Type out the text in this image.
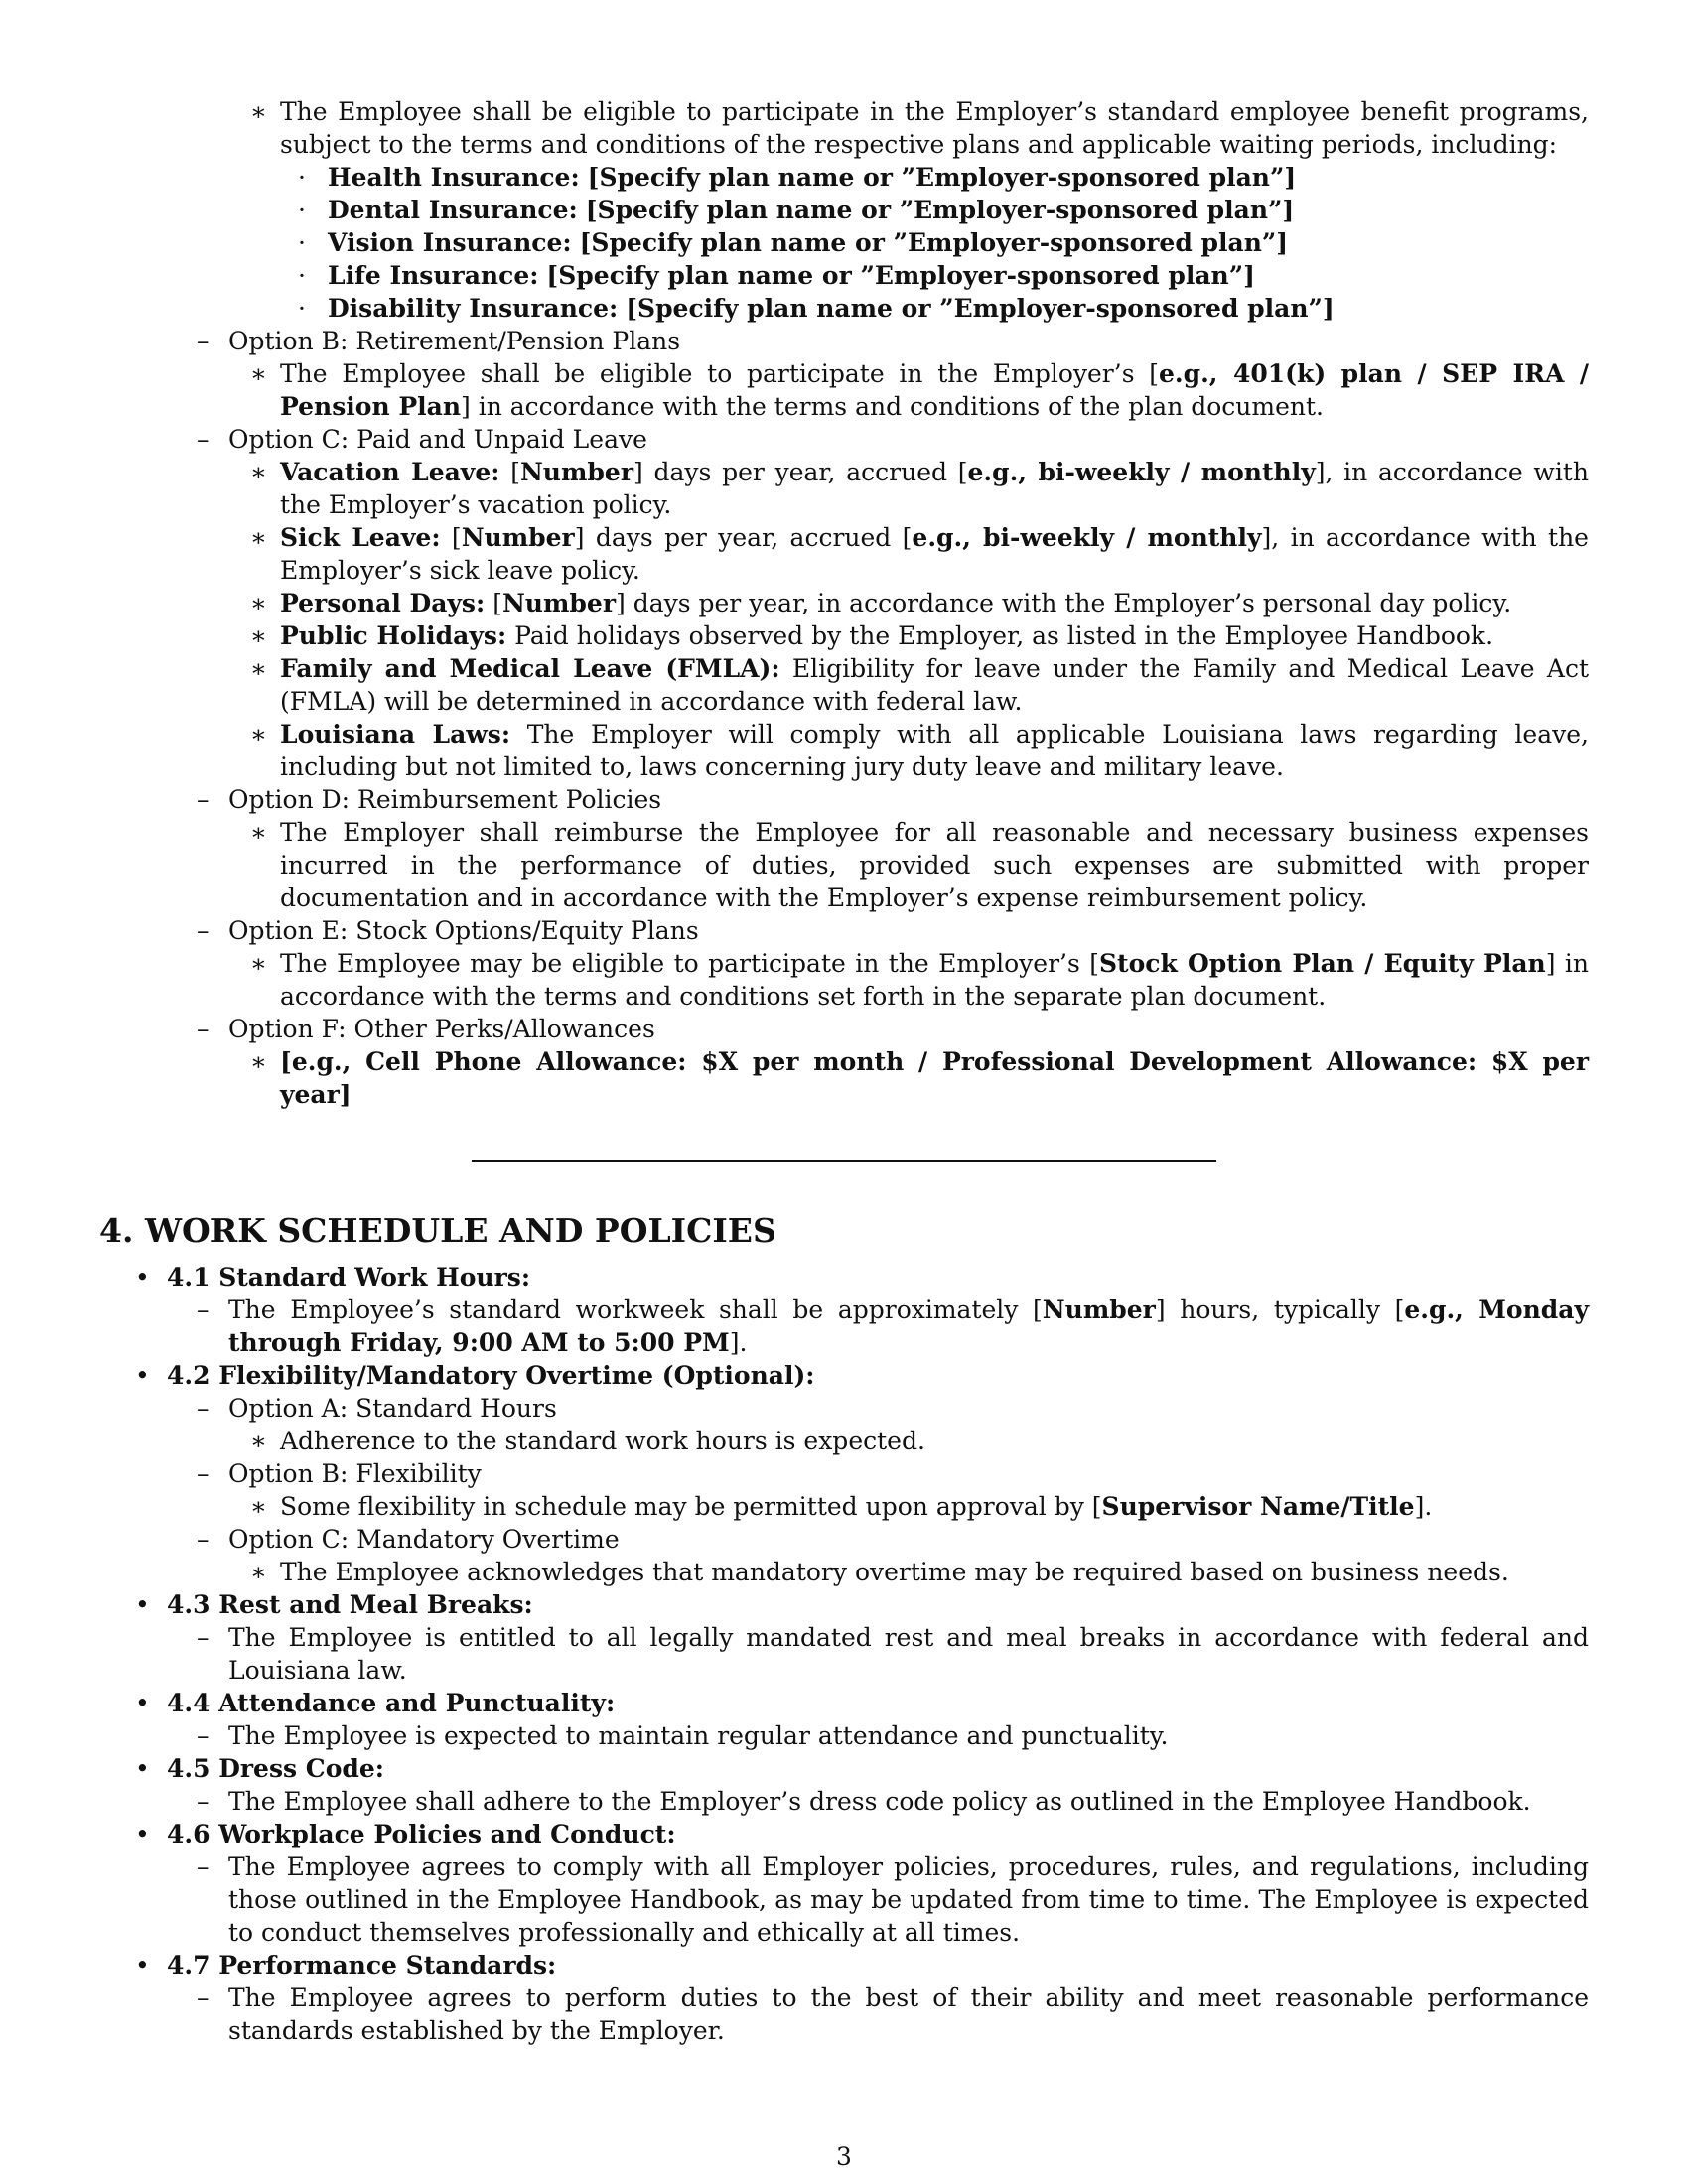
∗ The Employee shall be eligible to participate in the Employer’s standard employee benefit programs, subject to the terms and conditions of the respective plans and applicable waiting periods, including:
· Health Insurance: [Specify plan name or ”Employer-sponsored plan”]
· Dental Insurance: [Specify plan name or ”Employer-sponsored plan”]
· Vision Insurance: [Specify plan name or ”Employer-sponsored plan”]
· Life Insurance: [Specify plan name or ”Employer-sponsored plan”]
· Disability Insurance: [Specify plan name or ”Employer-sponsored plan”]
– Option B: Retirement/Pension Plans
∗ The Employee shall be eligible to participate in the Employer’s [e.g., 401(k) plan / SEP IRA / Pension Plan] in accordance with the terms and conditions of the plan document.
– Option C: Paid and Unpaid Leave
∗ Vacation Leave: [Number] days per year, accrued [e.g., bi-weekly / monthly], in accordance with the Employer’s vacation policy.
∗ Sick Leave: [Number] days per year, accrued [e.g., bi-weekly / monthly], in accordance with the Employer’s sick leave policy.
∗ Personal Days: [Number] days per year, in accordance with the Employer’s personal day policy.
∗ Public Holidays: Paid holidays observed by the Employer, as listed in the Employee Handbook.
∗ Family and Medical Leave (FMLA): Eligibility for leave under the Family and Medical Leave Act (FMLA) will be determined in accordance with federal law.
∗ Louisiana Laws: The Employer will comply with all applicable Louisiana laws regarding leave, including but not limited to, laws concerning jury duty leave and military leave.
– Option D: Reimbursement Policies
∗ The Employer shall reimburse the Employee for all reasonable and necessary business expenses incurred in the performance of duties, provided such expenses are submitted with proper documentation and in accordance with the Employer’s expense reimbursement policy.
– Option E: Stock Options/Equity Plans
∗ The Employee may be eligible to participate in the Employer’s [Stock Option Plan / Equity Plan] in accordance with the terms and conditions set forth in the separate plan document.
– Option F: Other Perks/Allowances
∗ [e.g., Cell Phone Allowance: $X per month / Professional Development Allowance: $X per year]
4. WORK SCHEDULE AND POLICIES
• 4.1 Standard Work Hours:
– The Employee’s standard workweek shall be approximately [Number] hours, typically [e.g., Monday through Friday, 9:00 AM to 5:00 PM].
• 4.2 Flexibility/Mandatory Overtime (Optional):
– Option A: Standard Hours
∗ Adherence to the standard work hours is expected.
– Option B: Flexibility
∗ Some flexibility in schedule may be permitted upon approval by [Supervisor Name/Title].
– Option C: Mandatory Overtime
∗ The Employee acknowledges that mandatory overtime may be required based on business needs.
• 4.3 Rest and Meal Breaks:
– The Employee is entitled to all legally mandated rest and meal breaks in accordance with federal and Louisiana law.
• 4.4 Attendance and Punctuality:
– The Employee is expected to maintain regular attendance and punctuality.
• 4.5 Dress Code:
– The Employee shall adhere to the Employer’s dress code policy as outlined in the Employee Handbook.
• 4.6 Workplace Policies and Conduct:
– The Employee agrees to comply with all Employer policies, procedures, rules, and regulations, including those outlined in the Employee Handbook, as may be updated from time to time. The Employee is expected to conduct themselves professionally and ethically at all times.
• 4.7 Performance Standards:
– The Employee agrees to perform duties to the best of their ability and meet reasonable performance standards established by the Employer.
3
